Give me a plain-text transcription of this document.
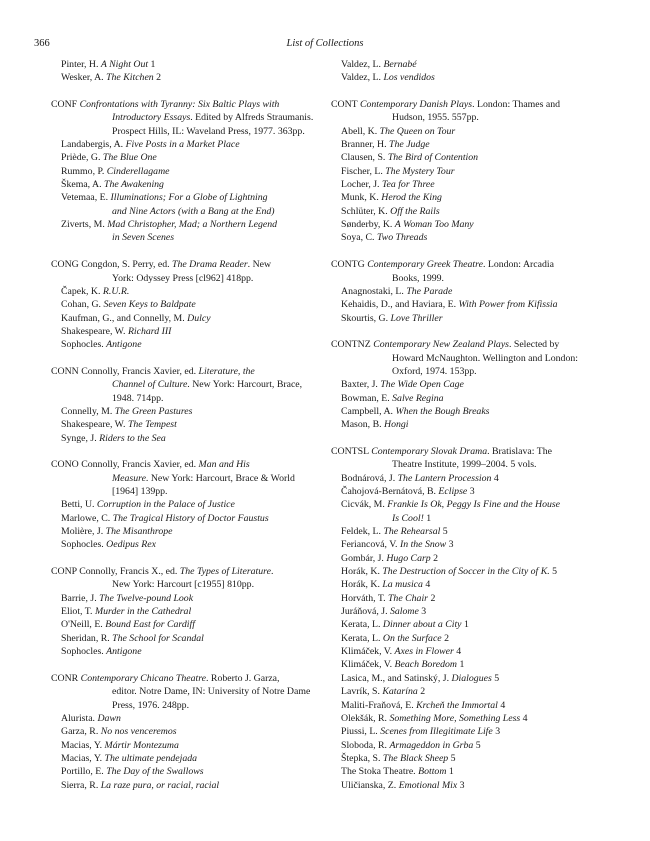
366	List of Collections
Pinter, H. A Night Out 1
Wesker, A. The Kitchen 2
CONF Confrontations with Tyranny: Six Baltic Plays with
Introductory Essays. Edited by Alfreds Straumanis.
Prospect Hills, IL: Waveland Press, 1977. 363pp.
Landabergis, A. Five Posts in a Market Place
Priède, G. The Blue One
Rummo, P. Cinderellagame
Škema, A. The Awakening
Vetemaa, E. Illuminations; For a Globe of Lightning
and Nine Actors (with a Bang at the End)
Ziverts, M. Mad Christopher, Mad; a Northern Legend
in Seven Scenes
CONG Congdon, S. Perry, ed. The Drama Reader. New
York: Odyssey Press [cl962] 418pp.
Čapek, K. R.U.R.
Cohan, G. Seven Keys to Baldpate
Kaufman, G., and Connelly, M. Dulcy
Shakespeare, W. Richard III
Sophocles. Antigone
CONN Connolly, Francis Xavier, ed. Literature, the
Channel of Culture. New York: Harcourt, Brace,
1948. 714pp.
Connelly, M. The Green Pastures
Shakespeare, W. The Tempest
Synge, J. Riders to the Sea
CONO Connolly, Francis Xavier, ed. Man and His
Measure. New York: Harcourt, Brace & World
[1964] 139pp.
Betti, U. Corruption in the Palace of Justice
Marlowe, C. The Tragical History of Doctor Faustus
Molière, J. The Misanthrope
Sophocles. Oedipus Rex
CONP Connolly, Francis X., ed. The Types of Literature.
New York: Harcourt [c1955] 810pp.
Barrie, J. The Twelve-pound Look
Eliot, T. Murder in the Cathedral
O'Neill, E. Bound East for Cardiff
Sheridan, R. The School for Scandal
Sophocles. Antigone
CONR Contemporary Chicano Theatre. Roberto J. Garza,
editor. Notre Dame, IN: University of Notre Dame
Press, 1976. 248pp.
Alurista. Dawn
Garza, R. No nos venceremos
Macias, Y. Mártir Montezuma
Macias, Y. The ultimate pendejada
Portillo, E. The Day of the Swallows
Sierra, R. La raze pura, or racial, racial
Valdez, L. Bernabé
Valdez, L. Los vendidos
CONT Contemporary Danish Plays. London: Thames and
Hudson, 1955. 557pp.
Abell, K. The Queen on Tour
Branner, H. The Judge
Clausen, S. The Bird of Contention
Fischer, L. The Mystery Tour
Locher, J. Tea for Three
Munk, K. Herod the King
Schlüter, K. Off the Rails
Sønderby, K. A Woman Too Many
Soya, C. Two Threads
CONTG Contemporary Greek Theatre. London: Arcadia
Books, 1999.
Anagnostaki, L. The Parade
Kehaidis, D., and Haviara, E. With Power from Kifissia
Skourtis, G. Love Thriller
CONTNZ Contemporary New Zealand Plays. Selected by
Howard McNaughton. Wellington and London:
Oxford, 1974. 153pp.
Baxter, J. The Wide Open Cage
Bowman, E. Salve Regina
Campbell, A. When the Bough Breaks
Mason, B. Hongi
CONTSL Contemporary Slovak Drama. Bratislava: The
Theatre Institute, 1999–2004. 5 vols.
Bodnárová, J. The Lantern Procession 4
Čahojová-Bernátová, B. Eclipse 3
Cicvák, M. Frankie Is Ok, Peggy Is Fine and the House
Is Cool! 1
Feldek, L. The Rehearsal 5
Feriancová, V. In the Snow 3
Gombár, J. Hugo Carp 2
Horák, K. The Destruction of Soccer in the City of K. 5
Horák, K. La musica 4
Horváth, T. The Chair 2
Juráňová, J. Salome 3
Kerata, L. Dinner about a City 1
Kerata, L. On the Surface 2
Klimáček, V. Axes in Flower 4
Klimáček, V. Beach Boredom 1
Lasica, M., and Satinský, J. Dialogues 5
Lavrík, S. Katarína 2
Maliti-Fraňová, E. Krcheň the Immortal 4
Olekšák, R. Something More, Something Less 4
Piussi, L. Scenes from Illegitimate Life 3
Sloboda, R. Armageddon in Grba 5
Štepka, S. The Black Sheep 5
The Stoka Theatre. Bottom 1
Uličianska, Z. Emotional Mix 3
